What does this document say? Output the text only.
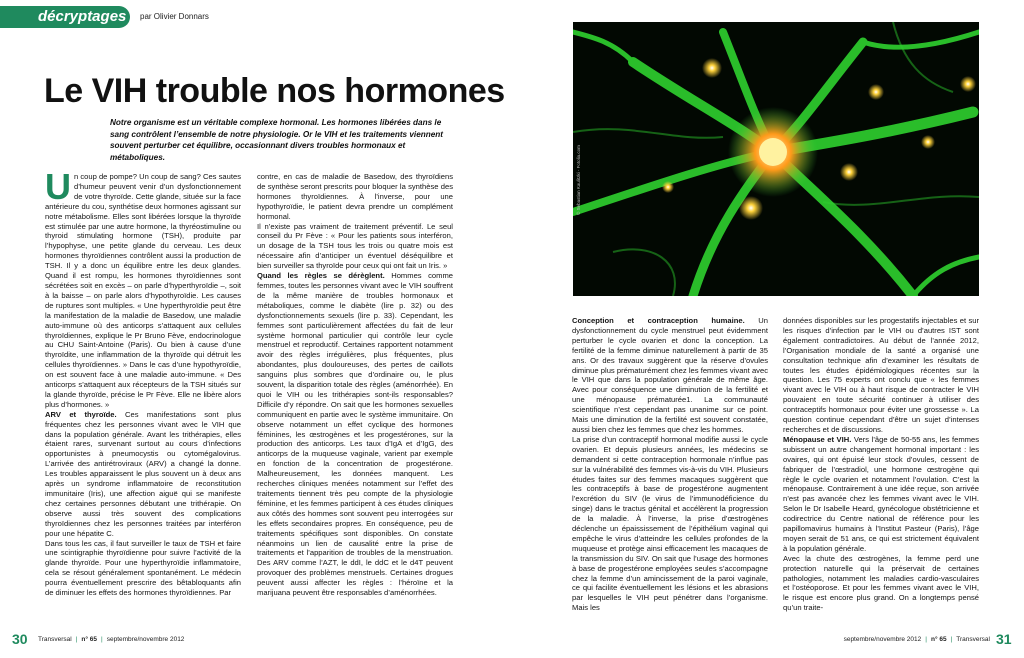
décryptages	par Olivier Donnars
Le VIH trouble nos hormones
Notre organisme est un véritable complexe hormonal. Les hormones libérées dans le sang contrôlent l’ensemble de notre physiologie. Or le VIH et les traitements viennent souvent perturber cet équilibre, occasionnant divers troubles hormonaux et métaboliques.
U n coup de pompe? Un coup de sang? Ces sautes d’humeur peuvent venir d’un dysfonctionnement de votre thyroïde. Cette glande, située sur la face antérieure du cou, synthétise deux hormones agissant sur notre métabolisme. Elles sont libérées lorsque la thyroïde est stimulée par une autre hormone, la thyréostimuline ou thyroid stimulating hormone (TSH), produite par l’hypophyse, une petite glande du cerveau. Les deux hormones thyroïdiennes contrôlent aussi la production de TSH. Il y a donc un équilibre entre les deux glandes. Quand il est rompu, les hormones thyroïdiennes sont sécrétées soit en excès – on parle d’hyperthyroïdie –, soit à la baisse – on parle alors d’hypothyroïdie. Les causes de ruptures sont multiples. « Une hyperthyroïdie peut être la manifestation de la maladie de Basedow, une maladie auto-immune où des anticorps s’attaquent aux cellules thyroïdiennes, explique le Pr Bruno Fève, endocrinologue au CHU Saint-Antoine (Paris). Ou bien à cause d’une thyroïdite, une inflammation de la thyroïde qui détruit les cellules thyroïdiennes. » Dans le cas d’une hypothyroïdie, on est souvent face à une maladie auto-immune. « Des anticorps s’attaquent aux récepteurs de la TSH situés sur la glande thyroïde, précise le Pr Fève. Elle ne libère alors plus d’hormones. »

ARV et thyroïde. Ces manifestations sont plus fréquentes chez les personnes vivant avec le VIH que dans la population générale. Avant les trithérapies, elles étaient rares, survenant surtout au cours d’infections opportunistes à pneumocystis ou cytomégalovirus. L’arrivée des antirétroviraux (ARV) a changé la donne. Les troubles apparaissent le plus souvent un à deux ans après un syndrome inflammatoire de reconstitution immunitaire (Iris), une affection aiguë qui se manifeste chez certaines personnes débutant une trithérapie. On observe aussi très souvent des complications thyroïdiennes chez les personnes traitées par interféron pour une hépatite C.

Dans tous les cas, il faut surveiller le taux de TSH et faire une scintigraphie thyroïdienne pour suivre l’activité de la glande thyroïde. Pour une hyperthyroïdie inflammatoire, cela se résout généralement spontanément. Le médecin pourra éventuellement prescrire des bêtabloquants afin de diminuer les effets des hormones thyroïdiennes. Par

contre, en cas de maladie de Basedow, des thyroïdiens de synthèse seront prescrits pour bloquer la synthèse des hormones thyroïdiennes. À l’inverse, pour une hypothyroïdie, le patient devra prendre un complément hormonal.

Il n’existe pas vraiment de traitement préventif. Le seul conseil du Pr Fève : « Pour les patients sous interféron, un dosage de la TSH tous les trois ou quatre mois est nécessaire afin d’anticiper un éventuel déséquilibre et bien surveiller sa thyroïde pour ceux qui ont fait un Iris. »

Quand les règles se dérèglent. Hommes comme femmes, toutes les personnes vivant avec le VIH souffrent de la même manière de troubles hormonaux et métaboliques, comme le diabète (lire p. 32) ou des dysfonctionnements sexuels (lire p. 33). Cependant, les femmes sont particulièrement affectées du fait de leur système hormonal particulier qui contrôle leur cycle menstruel et reproductif. Certaines rapportent notamment avoir des règles irrégulières, plus fréquentes, plus abondantes, plus douloureuses, des pertes de caillots sanguins plus sombres que d’ordinaire ou, le plus souvent, la disparition totale des règles (aménorrhée). En quoi le VIH ou les trithérapies sont-ils responsables? Difficile d’y répondre. On sait que les hormones sexuelles communiquent en partie avec le système immunitaire. On observe notamment un effet cyclique des hormones féminines, les œstrogènes et les progestérones, sur la production des anticorps. Les taux d’IgA et d’IgG, des anticorps de la muqueuse vaginale, varient par exemple en fonction de la concentration de progestérone. Malheureusement, les données manquent. Les recherches cliniques menées notamment sur l’effet des traitements tiennent très peu compte de la physiologie féminine, et les femmes participent à ces études cliniques aux côtés des hommes sont souvent peu interrogées sur les effets secondaires propres. En conséquence, peu de traitements spécifiques sont disponibles. On constate néanmoins un lien de causalité entre la prise de traitements et l’apparition de troubles de la menstruation. Des ARV comme l’AZT, le ddI, le ddC et le d4T peuvent provoquer des problèmes menstruels. Certaines drogues peuvent aussi affecter les règles : l’héroïne et la marijuana peuvent être responsables d’aménorrhées.

© Sebastian Kaulitzki - Fotolia.com

Conception et contraception humaine. Un dysfonctionnement du cycle menstruel peut évidemment perturber le cycle ovarien et donc la conception. La fertilité de la femme diminue naturellement à partir de 35 ans. Or des travaux suggèrent que la réserve d’ovules diminue plus prématurément chez les femmes vivant avec le VIH que dans la population générale de même âge. Avec pour conséquence une diminution de la fertilité et une ménopause prématurée1. La communauté scientifique n’est cependant pas unanime sur ce point. Mais une diminution de la fertilité est souvent constatée, aussi bien chez les femmes que chez les hommes.

La prise d’un contraceptif hormonal modifie aussi le cycle ovarien. Et depuis plusieurs années, les médecins se demandent si cette contraception hormonale n’influe pas sur la vulnérabilité des femmes vis-à-vis du VIH. Plusieurs études faites sur des femmes macaques suggèrent que les contraceptifs à base de progestérone augmentent l’excrétion du SIV (le virus de l’immunodéficience du singe) dans le tractus génital et accélèrent la progression de la maladie. À l’inverse, la prise d’œstrogènes déclenche un épaississement de l’épithélium vaginal qui empêche le virus d’atteindre les cellules profondes de la muqueuse et protège ainsi efficacement les macaques de la transmission du SIV. On sait que l’usage des hormones à base de progestérone employées seules s’accompagne chez la femme d’un amincissement de la paroi vaginale, ce qui facilite éventuellement les lésions et les abrasions par lesquelles le VIH peut pénétrer dans l’organisme. Mais les

données disponibles sur les progestatifs injectables et sur les risques d’infection par le VIH ou d’autres IST sont également contradictoires. Au début de l’année 2012, l’Organisation mondiale de la santé a organisé une consultation technique afin d’examiner les résultats de toutes les études épidémiologiques récentes sur la question. Les 75 experts ont conclu que « les femmes vivant avec le VIH ou à haut risque de contracter le VIH pouvaient en toute sécurité continuer à utiliser des contraceptifs hormonaux pour éviter une grossesse ». La question continue cependant d’être un sujet d’intenses recherches et de discussions.

Ménopause et VIH. Vers l’âge de 50-55 ans, les femmes subissent un autre changement hormonal important : les ovaires, qui ont épuisé leur stock d’ovules, cessent de fabriquer de l’œstradiol, une hormone œstrogène qui règle le cycle ovarien et notamment l’ovulation. C’est la ménopause. Contrairement à une idée reçue, son arrivée n’est pas avancée chez les femmes vivant avec le VIH. Selon le Dr Isabelle Heard, gynécologue obstétricienne et codirectrice du Centre national de référence pour les papillomavirus humains à l’Institut Pasteur (Paris), l’âge moyen serait de 51 ans, ce qui est strictement équivalent à la population générale.

Avec la chute des œstrogènes, la femme perd une protection naturelle qui la préservait de certaines pathologies, notamment les maladies cardio-vasculaires et l’ostéoporose. Et pour les femmes vivant avec le VIH, le risque est encore plus grand. On a longtemps pensé qu’un traite-

30 Transversal | n° 65 | septembre/novembre 2012	septembre/novembre 2012 | n° 65 | Transversal 31
